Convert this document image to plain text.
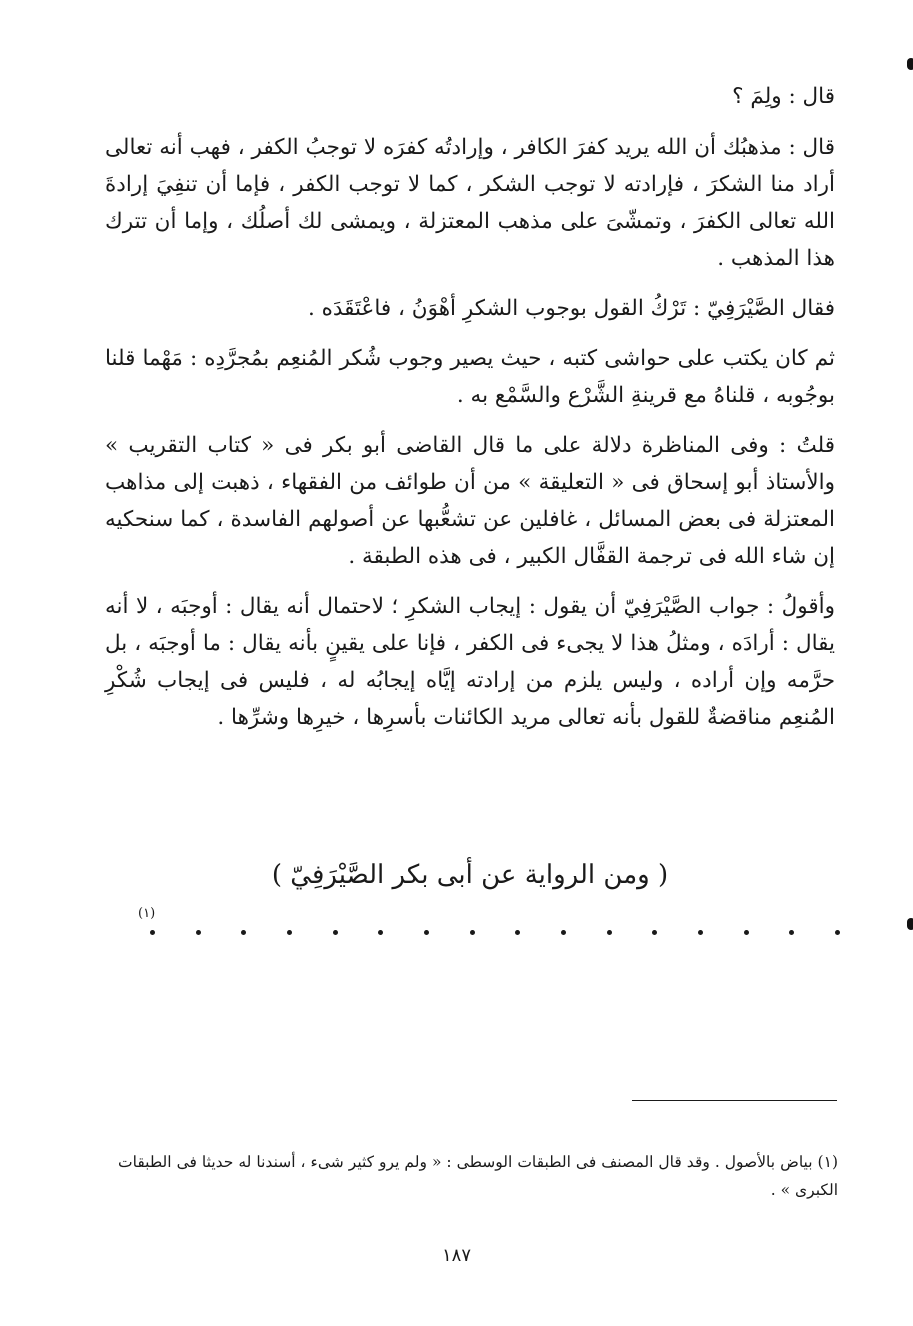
قال : ولِمَ ؟

قال : مذهبُك أن الله يريد كفرَ الكافر ، وإرادتُه كفرَه لا توجبُ الكفر ، فهب أنه تعالى أراد منا الشكرَ ، فإرادته لا توجب الشكر ، كما لا توجب الكفر ، فإما أن تنفِيَ إرادةَ الله تعالى الكفرَ ، وتمشّىَ على مذهب المعتزلة ، ويمشى لك أصلُك ، وإما أن تترك هذا المذهب .

فقال الصَّيْرَفِيّ : تَرْكُ القول بوجوب الشكرِ أهْوَنُ ، فاعْتَقَدَه .

ثم كان يكتب على حواشى كتبه ، حيث يصير وجوب شُكر المُنعِم بمُجرَّدِه : مَهْما قلنا بوجُوبه ، قلناهُ مع قرينةِ الشَّرْع والسَّمْع به .

قلتُ : وفى المناظرة دلالة على ما قال القاضى أبو بكر فى « كتاب التقريب » والأستاذ أبو إسحاق فى « التعليقة » من أن طوائف من الفقهاء ، ذهبت إلى مذاهب المعتزلة فى بعض المسائل ، غافلين عن تشعُّبها عن أصولهم الفاسدة ، كما سنحكيه إن شاء الله فى ترجمة القفَّال الكبير ، فى هذه الطبقة .

وأقولُ : جواب الصَّيْرَفِيّ أن يقول : إيجاب الشكرِ ؛ لاحتمال أنه يقال : أوجبَه ، لا أنه يقال : أرادَه ، ومثلُ هذا لا يجىء فى الكفر ، فإنا على يقينٍ بأنه يقال : ما أوجبَه ، بل حرَّمه وإن أراده ، وليس يلزم من إرادته إيَّاه إيجابُه له ، فليس فى إيجاب شُكْرِ المُنعِم مناقضةٌ للقول بأنه تعالى مريد الكائنات بأسرِها ، خيرِها وشرِّها .

( ومن الرواية عن أبى بكر الصَّيْرَفِيّ )
(١)
(١) بياض بالأصول . وقد قال المصنف فى الطبقات الوسطى : « ولم يرو كثير شىء ، أسندنا له حديثا فى الطبقات الكبرى » .
١٨٧
